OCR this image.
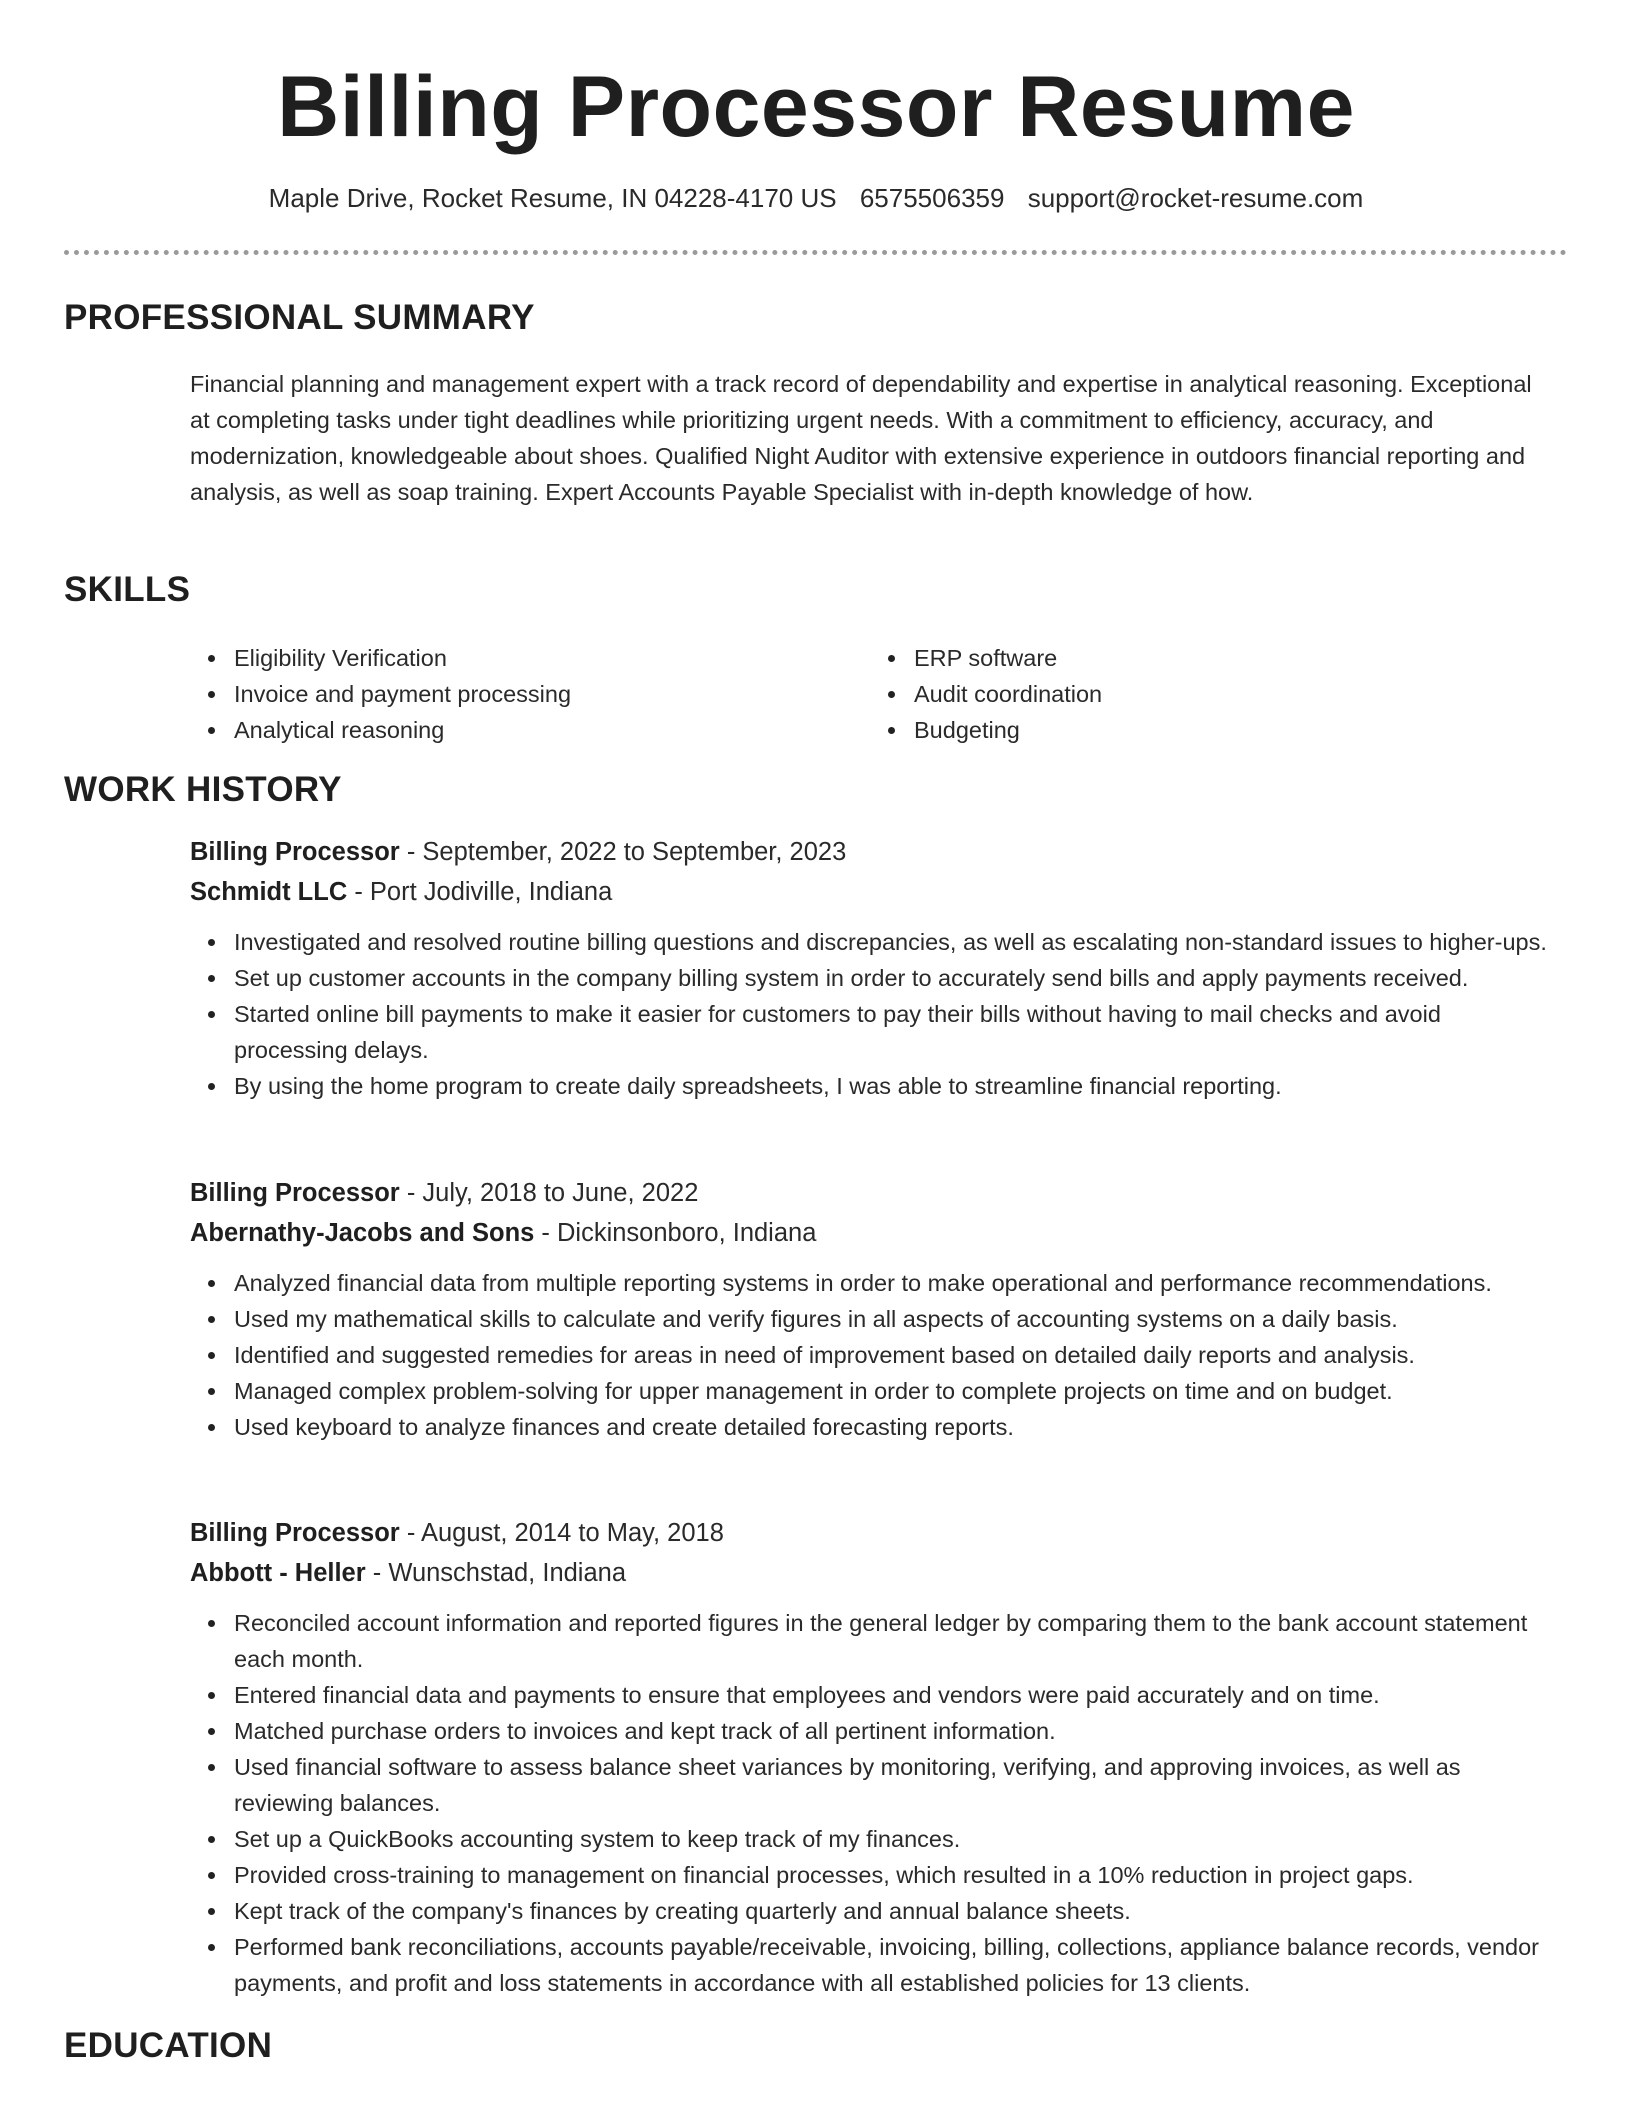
Billing Processor Resume
Maple Drive, Rocket Resume, IN 04228-4170 US 6575506359 support@rocket-resume.com
PROFESSIONAL SUMMARY

Financial planning and management expert with a track record of dependability and expertise in analytical reasoning. Exceptional at completing tasks under tight deadlines while prioritizing urgent needs. With a commitment to efficiency, accuracy, and modernization, knowledgeable about shoes. Qualified Night Auditor with extensive experience in outdoors financial reporting and analysis, as well as soap training. Expert Accounts Payable Specialist with in-depth knowledge of how.

SKILLS
Eligibility Verification
Invoice and payment processing
Analytical reasoning
ERP software
Audit coordination
Budgeting
WORK HISTORY
Billing Processor - September, 2022 to September, 2023
Schmidt LLC - Port Jodiville, Indiana
Investigated and resolved routine billing questions and discrepancies, as well as escalating non-standard issues to higher-ups.
Set up customer accounts in the company billing system in order to accurately send bills and apply payments received.
Started online bill payments to make it easier for customers to pay their bills without having to mail checks and avoid processing delays.
By using the home program to create daily spreadsheets, I was able to streamline financial reporting.
Billing Processor - July, 2018 to June, 2022
Abernathy-Jacobs and Sons - Dickinsonboro, Indiana
Analyzed financial data from multiple reporting systems in order to make operational and performance recommendations.
Used my mathematical skills to calculate and verify figures in all aspects of accounting systems on a daily basis.
Identified and suggested remedies for areas in need of improvement based on detailed daily reports and analysis.
Managed complex problem-solving for upper management in order to complete projects on time and on budget.
Used keyboard to analyze finances and create detailed forecasting reports.
Billing Processor - August, 2014 to May, 2018
Abbott - Heller - Wunschstad, Indiana
Reconciled account information and reported figures in the general ledger by comparing them to the bank account statement each month.
Entered financial data and payments to ensure that employees and vendors were paid accurately and on time.
Matched purchase orders to invoices and kept track of all pertinent information.
Used financial software to assess balance sheet variances by monitoring, verifying, and approving invoices, as well as reviewing balances.
Set up a QuickBooks accounting system to keep track of my finances.
Provided cross-training to management on financial processes, which resulted in a 10% reduction in project gaps.
Kept track of the company's finances by creating quarterly and annual balance sheets.
Performed bank reconciliations, accounts payable/receivable, invoicing, billing, collections, appliance balance records, vendor payments, and profit and loss statements in accordance with all established policies for 13 clients.
EDUCATION
